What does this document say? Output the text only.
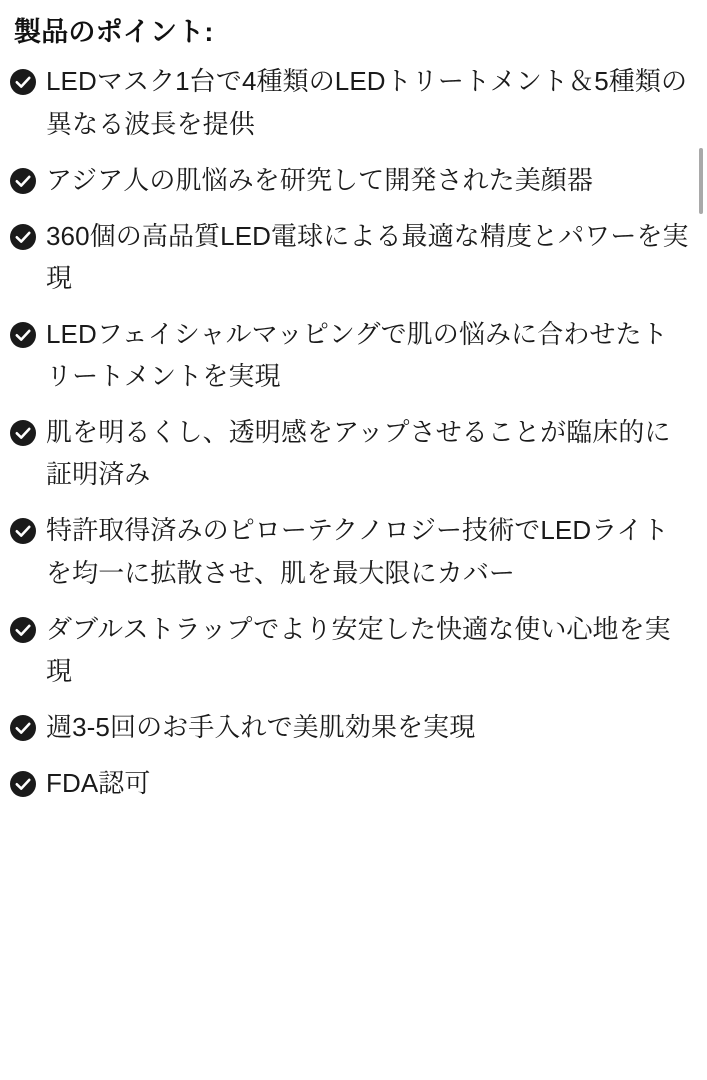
製品のポイント:
LEDマスク1台で4種類のLEDトリートメント＆5種類の異なる波長を提供
アジア人の肌悩みを研究して開発された美顔器
360個の高品質LED電球による最適な精度とパワーを実現
LEDフェイシャルマッピングで肌の悩みに合わせたトリートメントを実現
肌を明るくし、透明感をアップさせることが臨床的に証明済み
特許取得済みのピローテクノロジー技術でLEDライトを均一に拡散させ、肌を最大限にカバー
ダブルストラップでより安定した快適な使い心地を実現
週3-5回のお手入れで美肌効果を実現
FDA認可
